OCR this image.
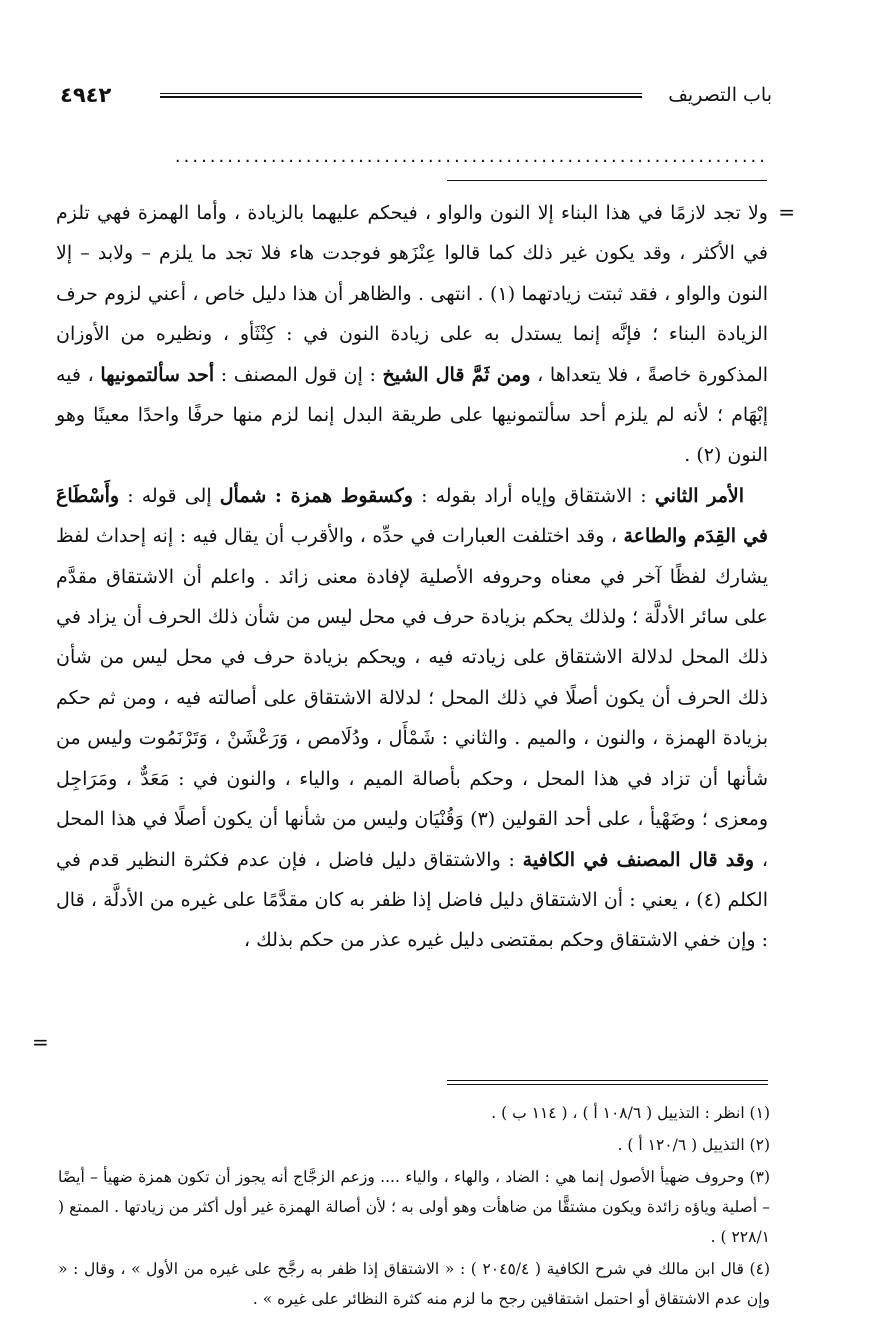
٤٩٤٢	باب التصريف
....................................................................
=

ولا تجد لازمًا في هذا البناء إلا النون والواو ، فيحكم عليهما بالزيادة ، وأما الهمزة فهي تلزم في الأكثر ، وقد يكون غير ذلك كما قالوا عِنْزَهو فوجدت هاء فلا تجد ما يلزم – ولابد – إلا النون والواو ، فقد ثبتت زيادتهما (١) . انتهى . والظاهر أن هذا دليل خاص ، أعني لزوم حرف الزيادة البناء ؛ فإنَّه إنما يستدل به على زيادة النون في : كِنْثَأو ، ونظيره من الأوزان المذكورة خاصةً ، فلا يتعداها ، ومن ثَمَّ قال الشيخ : إن قول المصنف : أحد سألتمونيها ، فيه إبْهَام ؛ لأنه لم يلزم أحد سألتمونيها على طريقة البدل إنما لزم منها حرفًا واحدًا معينًا وهو النون (٢) .

الأمر الثاني : الاشتقاق وإياه أراد بقوله : وكسقوط همزة : شمأل إلى قوله : وأَسْطَاعَ في القِدَم والطاعة ، وقد اختلفت العبارات في حدِّه ، والأقرب أن يقال فيه : إنه إحداث لفظ يشارك لفظًا آخر في معناه وحروفه الأصلية لإفادة معنى زائد . واعلم أن الاشتقاق مقدَّم على سائر الأدلَّة ؛ ولذلك يحكم بزيادة حرف في محل ليس من شأن ذلك الحرف أن يزاد في ذلك المحل لدلالة الاشتقاق على زيادته فيه ، ويحكم بزيادة حرف في محل ليس من شأن ذلك الحرف أن يكون أصلًا في ذلك المحل ؛ لدلالة الاشتقاق على أصالته فيه ، ومن ثم حكم بزيادة الهمزة ، والنون ، والميم . والثاني : شَمْأَل ، ودُلَامص ، وَرَعْشَنْ ، وَتَرْنَمُوت وليس من شأنها أن تزاد في هذا المحل ، وحكم بأصالة الميم ، والياء ، والنون في : مَعَدٌّ ، ومَرَاجِل ومعزى ؛ وضَهْيأ ، على أحد القولين (٣) وَقُنْيَان وليس من شأنها أن يكون أصلًا في هذا المحل ، وقد قال المصنف في الكافية : والاشتقاق دليل فاضل ، فإن عدم فكثرة النظير قدم في الكلم (٤) ، يعني : أن الاشتقاق دليل فاضل إذا ظفر به كان مقدَّمًا على غيره من الأدلَّة ، قال : وإن خفي الاشتقاق وحكم بمقتضى دليل غيره عذر من حكم بذلك ،

=

(١) انظر : التذييل ( ١٠٨/٦ أ ) ، ( ١١٤ ب ) .

(٢) التذييل ( ١٢٠/٦ أ ) .

(٣) وحروف ضهيأ الأصول إنما هي : الضاد ، والهاء ، والياء .... وزعم الزجَّاج أنه يجوز أن تكون همزة ضهيأ – أيضًا – أصلية وياؤه زائدة ويكون مشتقًّا من ضاهأت وهو أولى به ؛ لأن أصالة الهمزة غير أول أكثر من زيادتها . الممتع ( ٢٢٨/١ ) .

(٤) قال ابن مالك في شرح الكافية ( ٢٠٤٥/٤ ) : « الاشتقاق إذا ظفر به رجَّح على غيره من الأول » ، وقال : « وإن عدم الاشتقاق أو احتمل اشتقاقين رجح ما لزم منه كثرة النظائر على غيره » .
